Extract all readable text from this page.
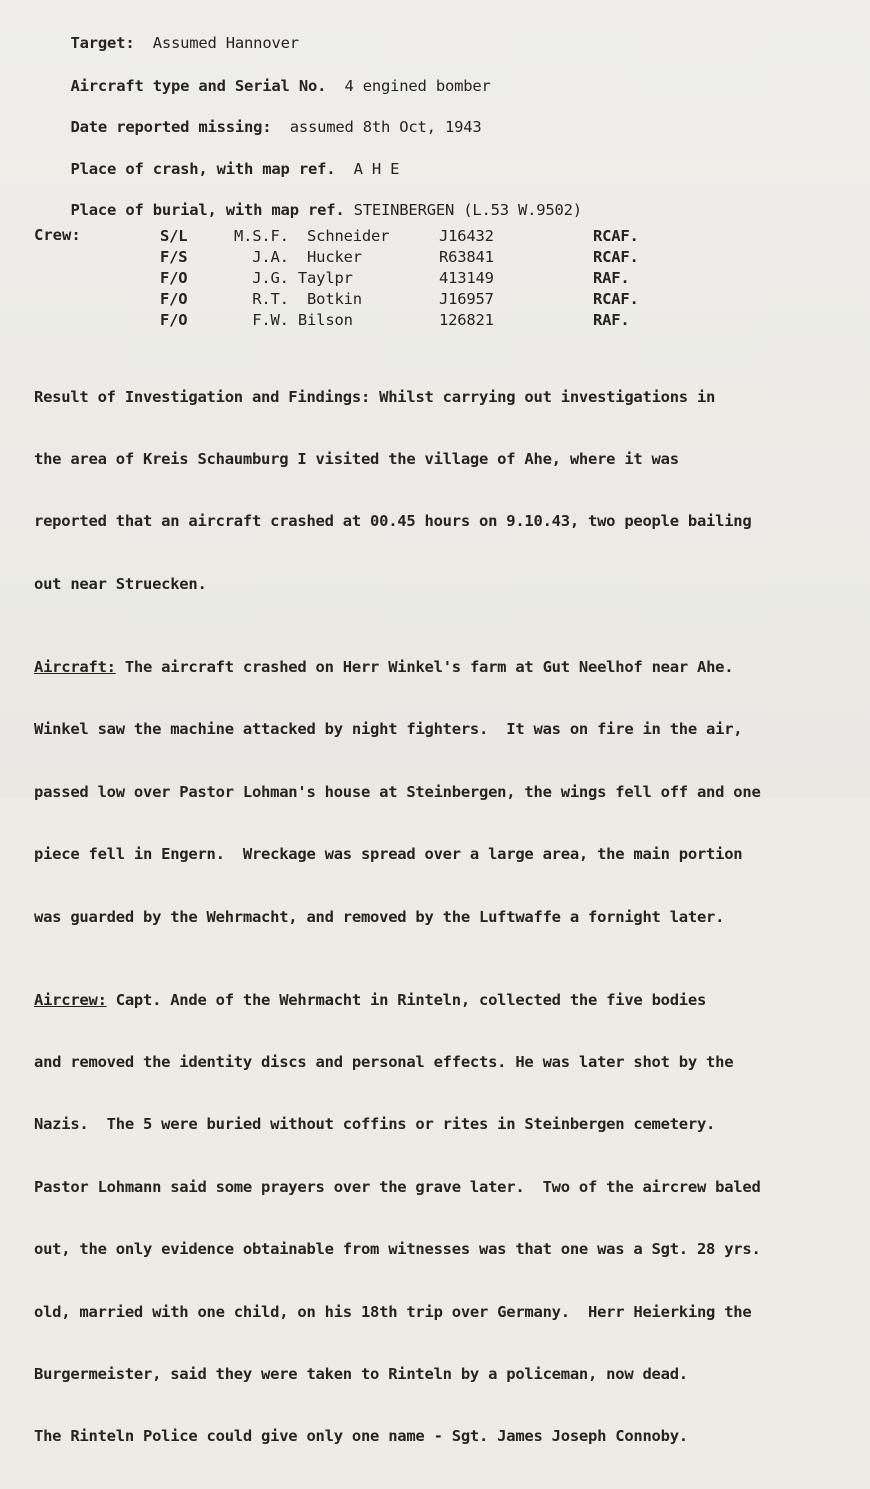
Target: Assumed Hannover

Aircraft type and Serial No. 4 engined bomber

Date reported missing: assumed 8th Oct, 1943

Place of crash, with map ref. A H E

Place of burial, with map ref. STEINBERGEN (L.53 W.9502)

Crew:	S/L	M.S.F.  Schneider	J16432	RCAF.
F/S	J.A.  Hucker	R63841	RCAF.
F/O	J.G. Taylpr	413149	RAF.
F/O	R.T.  Botkin	J16957	RCAF.
F/O	F.W. Bilson	126821	RAF.

Result of Investigation and Findings: Whilst carrying out investigations in

the area of Kreis Schaumburg I visited the village of Ahe, where it was

reported that an aircraft crashed at 00.45 hours on 9.10.43, two people bailing

out near Struecken.

Aircraft: The aircraft crashed on Herr Winkel's farm at Gut Neelhof near Ahe.

Winkel saw the machine attacked by night fighters.  It was on fire in the air,

passed low over Pastor Lohman's house at Steinbergen, the wings fell off and one

piece fell in Engern.  Wreckage was spread over a large area, the main portion

was guarded by the Wehrmacht, and removed by the Luftwaffe a fornight later.

Aircrew: Capt. Ande of the Wehrmacht in Rinteln, collected the five bodies

and removed the identity discs and personal effects. He was later shot by the

Nazis.  The 5 were buried without coffins or rites in Steinbergen cemetery.

Pastor Lohmann said some prayers over the grave later.  Two of the aircrew baled

out, the only evidence obtainable from witnesses was that one was a Sgt. 28 yrs.

old, married with one child, on his 18th trip over Germany.  Herr Heierking the

Burgermeister, said they were taken to Rinteln by a policeman, now dead.

The Rinteln Police could give only one name - Sgt. James Joseph Connoby.
